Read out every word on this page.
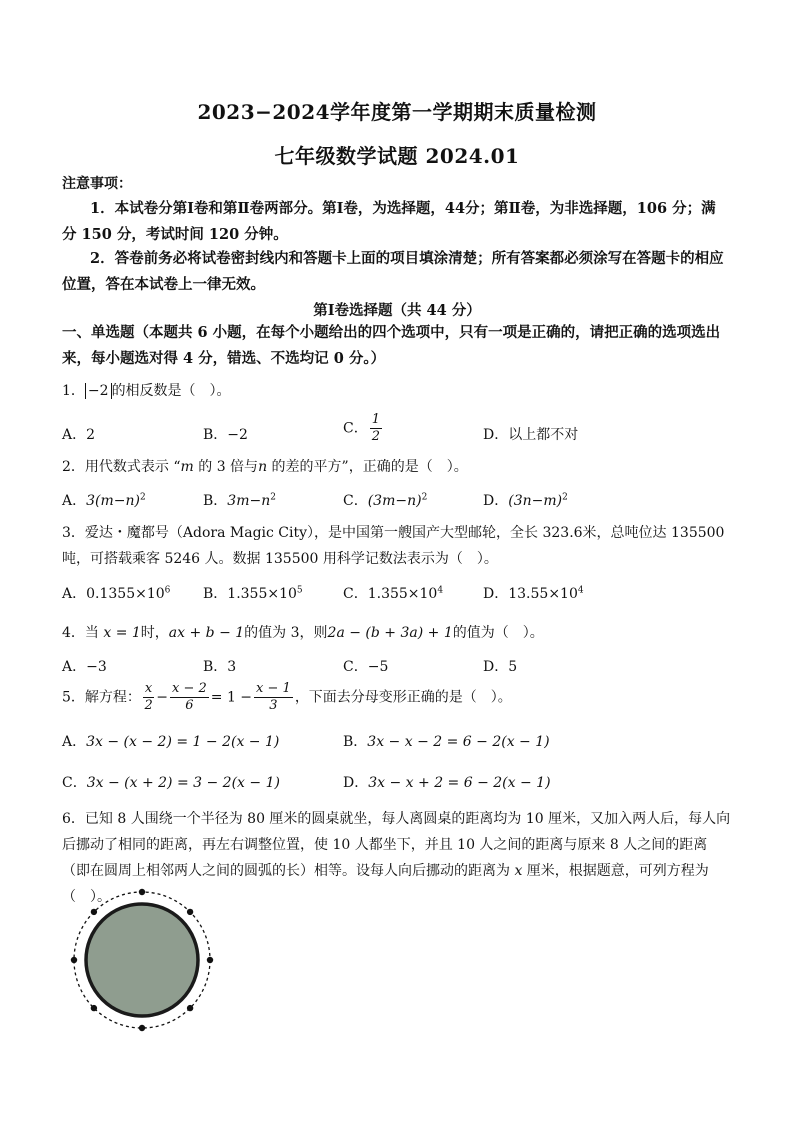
2023−2024学年度第一学期期末质量检测
七年级数学试题 2024.01
注意事项：
1．本试卷分第Ⅰ卷和第Ⅱ卷两部分。第Ⅰ卷，为选择题，44分；第Ⅱ卷，为非选择题，106 分；满分 150 分，考试时间 120 分钟。
2．答卷前务必将试卷密封线内和答题卡上面的项目填涂清楚；所有答案都必须涂写在答题卡的相应位置，答在本试卷上一律无效。
第Ⅰ卷选择题（共 44 分）
一、单选题（本题共 6 小题，在每个小题给出的四个选项中，只有一项是正确的，请把正确的选项选出来，每小题选对得 4 分，错选、不选均记 0 分。）
1． −2 的相反数是（　）。
A．2	B．−2	C． $\frac{1}{2}$	D．以上都不对
2．用代数式表示 “m 的 3 倍与n 的差的平方”，正确的是（　）。
A．$3(m-n)^2$	B．$3m-n^2$	C．$(3m-n)^2$	D．$(3n-m)^2$
3．爱达・魔都号（Adora Magic City），是中国第一艘国产大型邮轮，全长 323.6米，总吨位达 135500吨，可搭载乘客 5246 人。数据 135500 用科学记数法表示为（　）。
A．$0.1355\times 10^6$ B．$1.355\times 10^5$	C．$1.355\times 10^4$	D．$13.55\times 10^4$
4．当 x = 1时，ax + b − 1的值为 3，则2a − (b + 3a) + 1的值为（　）。
A．−3	B．3	C．−5	D．5
5．解方程： $\frac{x}{2} - \frac{x - 2}{6} = 1 - \frac{x - 1}{3}$ ，下面去分母变形正确的是（　）。
A．3x − (x − 2) = 1 − 2(x − 1)	B．3x − x − 2 = 6 − 2(x − 1)
C．3x − (x + 2) = 3 − 2(x − 1)	D．3x − x + 2 = 6 − 2(x − 1)
6．已知 8 人围绕一个半径为 80 厘米的圆桌就坐，每人离圆桌的距离均为 10 厘米，又加入两人后，每人向后挪动了相同的距离，再左右调整位置，使 10 人都坐下，并且 10 人之间的距离与原来 8 人之间的距离（即在圆周上相邻两人之间的圆弧的长）相等。设每人向后挪动的距离为 x 厘米，根据题意，可列方程为（　）。
